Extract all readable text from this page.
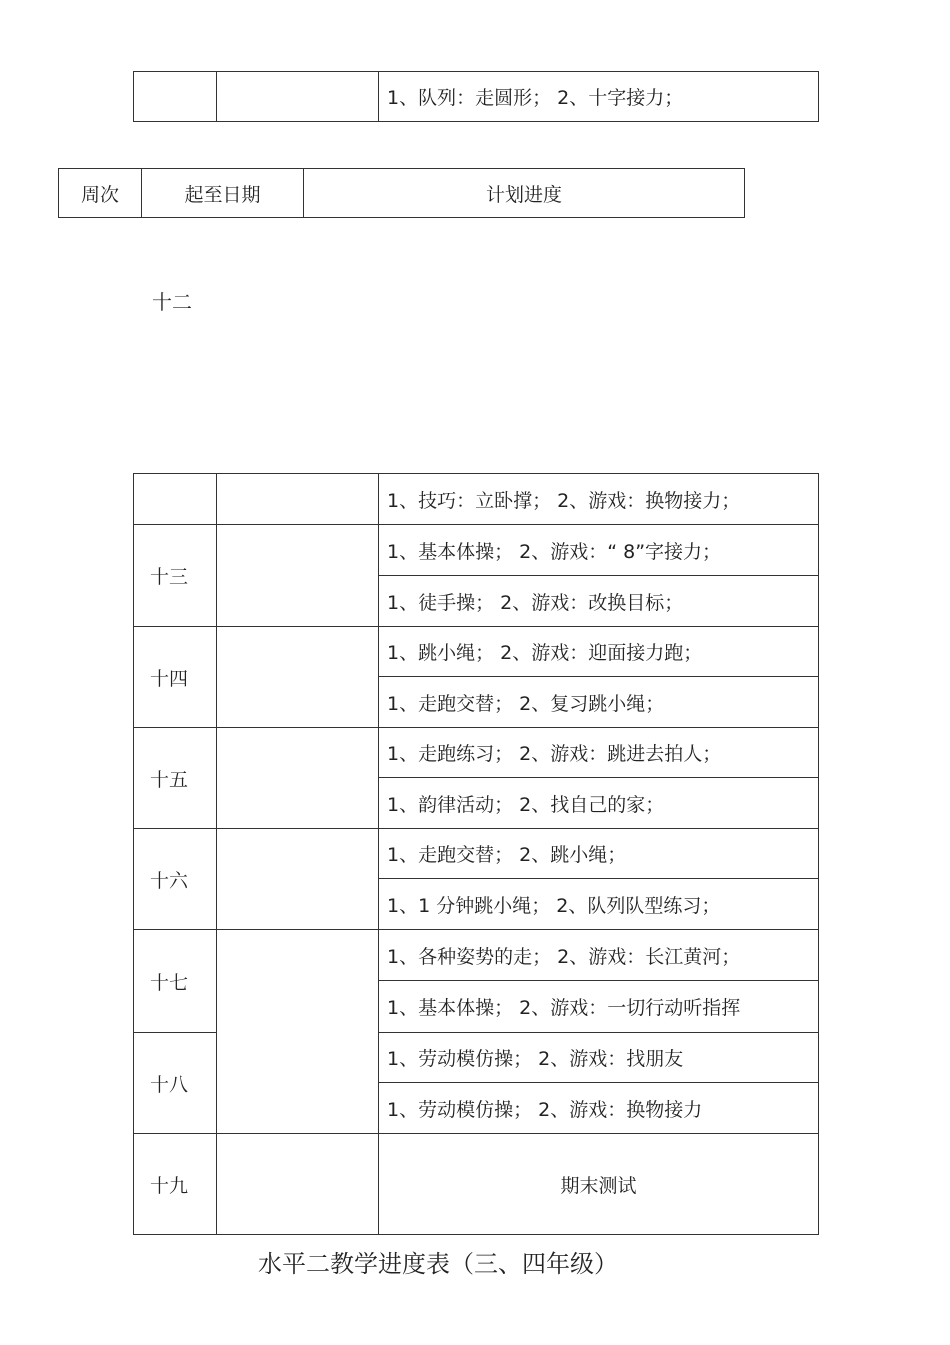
		1、队列：走圆形； 2、十字接力；
周次	起至日期	计划进度
十二
		1、技巧：立卧撑； 2、游戏：换物接力；
十三		1、基本体操； 2、游戏：“ 8”字接力；
		1、徒手操； 2、游戏：改换目标；
十四		1、跳小绳； 2、游戏：迎面接力跑；
		1、走跑交替； 2、复习跳小绳；
十五		1、走跑练习； 2、游戏：跳进去拍人；
		1、韵律活动； 2、找自己的家；
十六		1、走跑交替； 2、跳小绳；
		1、1 分钟跳小绳； 2、队列队型练习；
十七		1、各种姿势的走； 2、游戏：长江黄河；
		1、基本体操； 2、游戏：一切行动听指挥
十八		1、劳动模仿操； 2、游戏：找朋友
		1、劳动模仿操； 2、游戏：换物接力
十九		期末测试
水平二教学进度表（三、四年级）
